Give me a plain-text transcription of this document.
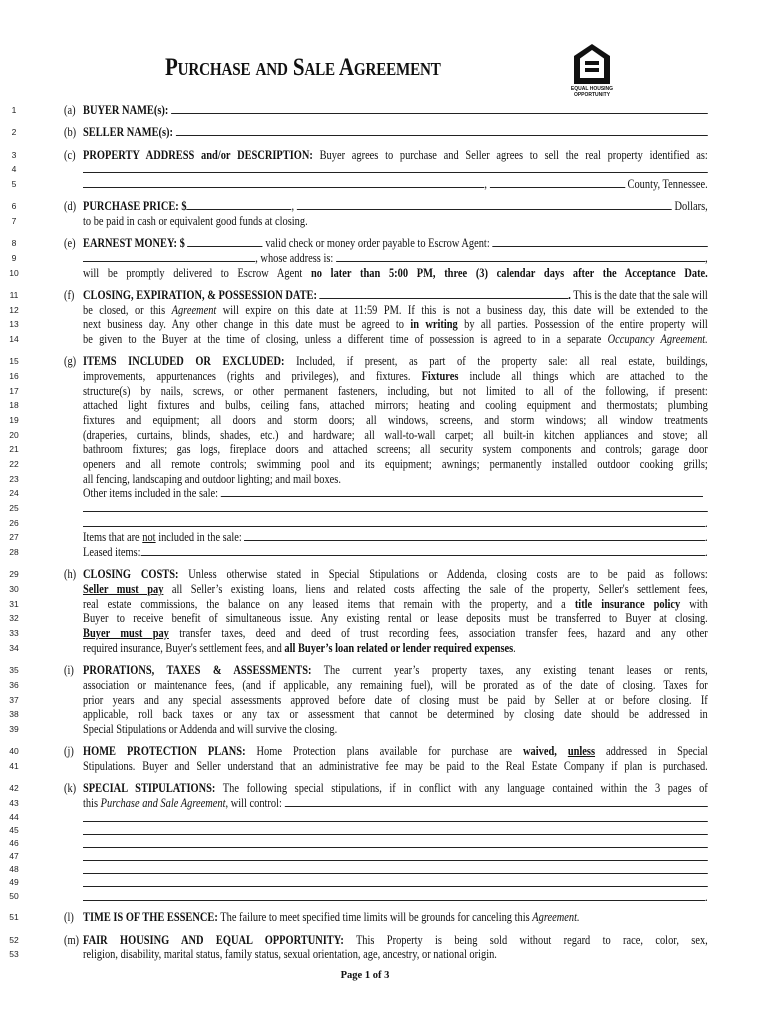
Purchase and Sale Agreement
EQUAL HOUSING
OPPORTUNITY
1	(a) BUYER NAME(s):
2	(b) SELLER NAME(s):
3	(c) PROPERTY ADDRESS and/or DESCRIPTION: Buyer agrees to purchase and Seller agrees to sell the real property identified as:
4
5	,	County, Tennessee.
6	(d) PURCHASE PRICE: $	,	Dollars,
7	to be paid in cash or equivalent good funds at closing.
8	(e) EARNEST MONEY: $	valid check or money order payable to Escrow Agent:
9	, whose address is:	,
10	will be promptly delivered to Escrow Agent no later than 5:00 PM, three (3) calendar days after the Acceptance Date.
11	(f) CLOSING, EXPIRATION, & POSSESSION DATE:	. This is the date that the sale will
12	be closed, or this Agreement will expire on this date at 11:59 PM. If this is not a business day, this date will be extended to the
13	next business day. Any other change in this date must be agreed to in writing by all parties. Possession of the entire property will
14	be given to the Buyer at the time of closing, unless a different time of possession is agreed to in a separate Occupancy Agreement.
15	(g) ITEMS INCLUDED OR EXCLUDED: Included, if present, as part of the property sale: all real estate, buildings,
16	improvements, appurtenances (rights and privileges), and fixtures. Fixtures include all things which are attached to the
17	structure(s) by nails, screws, or other permanent fasteners, including, but not limited to all of the following, if present:
18	attached light fixtures and bulbs, ceiling fans, attached mirrors; heating and cooling equipment and thermostats; plumbing
19	fixtures and equipment; all doors and storm doors; all windows, screens, and storm windows; all window treatments
20	(draperies, curtains, blinds, shades, etc.) and hardware; all wall-to-wall carpet; all built-in kitchen appliances and stove; all
21	bathroom fixtures; gas logs, fireplace doors and attached screens; all security system components and controls; garage door
22	openers and all remote controls; swimming pool and its equipment; awnings; permanently installed outdoor cooking grills;
23	all fencing, landscaping and outdoor lighting; and mail boxes.
24	Other items included in the sale:
25
26	.
27	Items that are not included in the sale:	.
28	Leased items:	.
29	(h) CLOSING COSTS: Unless otherwise stated in Special Stipulations or Addenda, closing costs are to be paid as follows:
30	Seller must pay all Seller’s existing loans, liens and related costs affecting the sale of the property, Seller's settlement fees,
31	real estate commissions, the balance on any leased items that remain with the property, and a title insurance policy with
32	Buyer to receive benefit of simultaneous issue. Any existing rental or lease deposits must be transferred to Buyer at closing.
33	Buyer must pay transfer taxes, deed and deed of trust recording fees, association transfer fees, hazard and any other
34	required insurance, Buyer's settlement fees, and all Buyer’s loan related or lender required expenses.
35	(i) PRORATIONS, TAXES & ASSESSMENTS: The current year’s property taxes, any existing tenant leases or rents,
36	association or maintenance fees, (and if applicable, any remaining fuel), will be prorated as of the date of closing. Taxes for
37	prior years and any special assessments approved before date of closing must be paid by Seller at or before closing. If
38	applicable, roll back taxes or any tax or assessment that cannot be determined by closing date should be addressed in
39	Special Stipulations or Addenda and will survive the closing.
40	(j) HOME PROTECTION PLANS: Home Protection plans available for purchase are waived, unless addressed in Special
41	Stipulations. Buyer and Seller understand that an administrative fee may be paid to the Real Estate Company if plan is purchased.
42	(k) SPECIAL STIPULATIONS: The following special stipulations, if in conflict with any language contained within the 3 pages of
43	this Purchase and Sale Agreement , will control:
44
45
46
47
48
49
50	.
51	(l) TIME IS OF THE ESSENCE: The failure to meet specified time limits will be grounds for canceling this Agreement.
52	(m) FAIR HOUSING AND EQUAL OPPORTUNITY: This Property is being sold without regard to race, color, sex,
53	religion, disability, marital status, family status, sexual orientation, age, ancestry, or national origin.
Page 1 of 3
